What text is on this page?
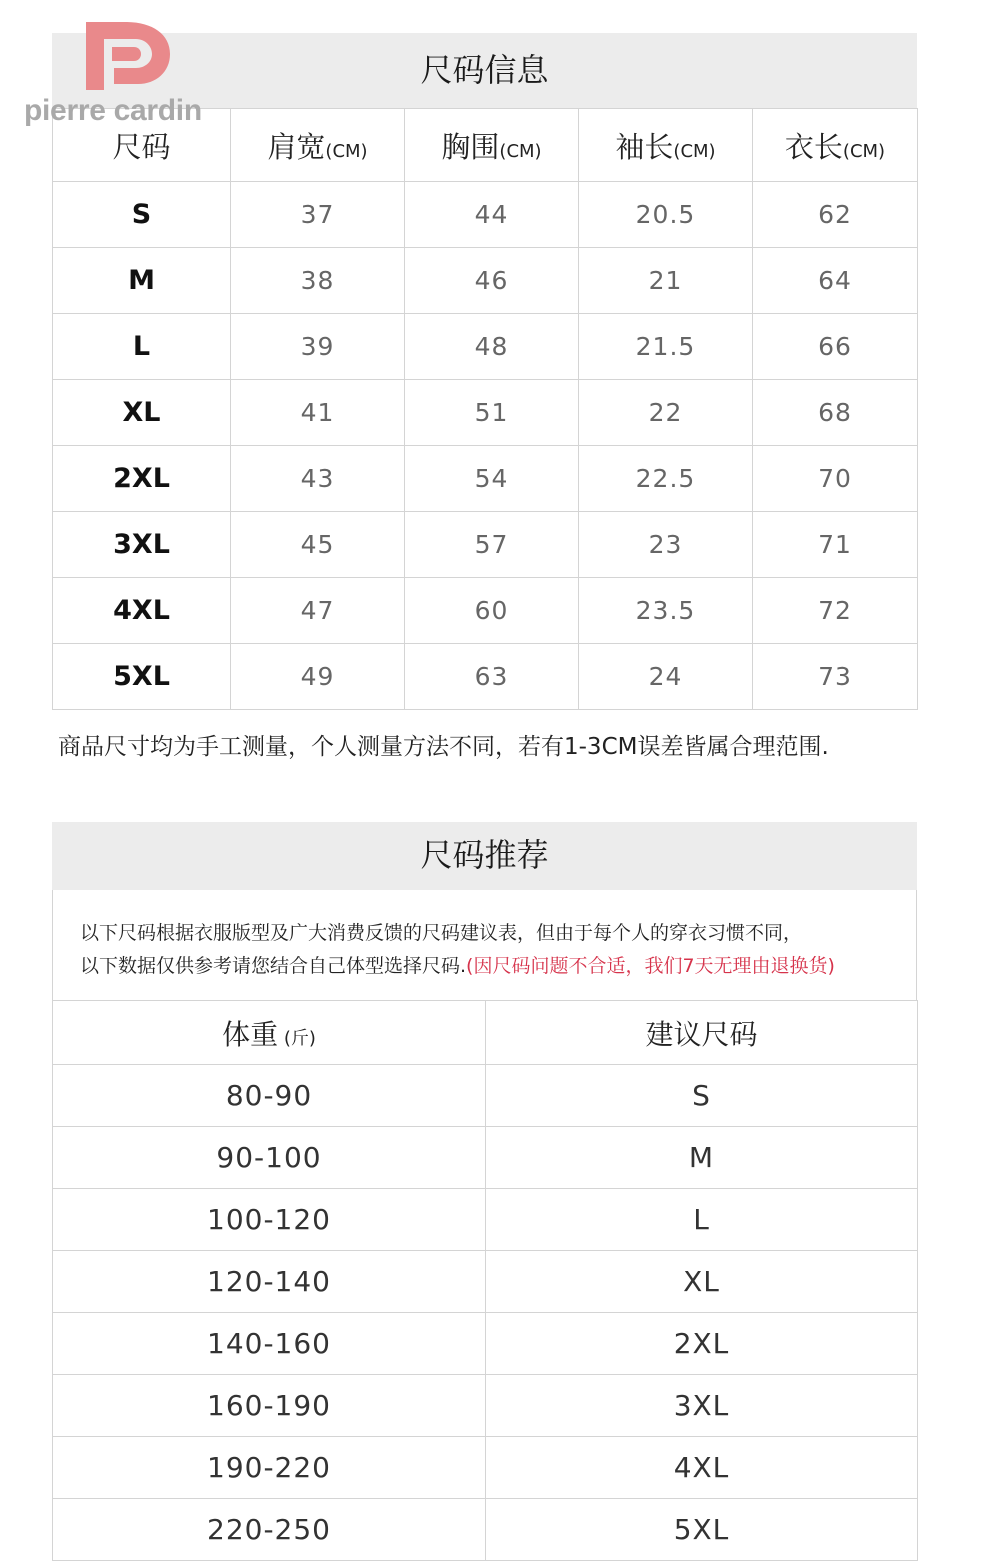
pierre cardin
尺码信息
尺码	肩宽(CM)	胸围(CM)	袖长(CM)	衣长(CM)
S	37	44	20.5	62
M	38	46	21	64
L	39	48	21.5	66
XL	41	51	22	68
2XL	43	54	22.5	70
3XL	45	57	23	71
4XL	47	60	23.5	72
5XL	49	63	24	73
商品尺寸均为手工测量，个人测量方法不同，若有1-3CM误差皆属合理范围.
尺码推荐
以下尺码根据衣服版型及广大消费反馈的尺码建议表，但由于每个人的穿衣习惯不同，
以下数据仅供参考请您结合自己体型选择尺码.(因尺码问题不合适，我们7天无理由退换货)
体重 (斤)	建议尺码
80-90	S
90-100	M
100-120	L
120-140	XL
140-160	2XL
160-190	3XL
190-220	4XL
220-250	5XL
